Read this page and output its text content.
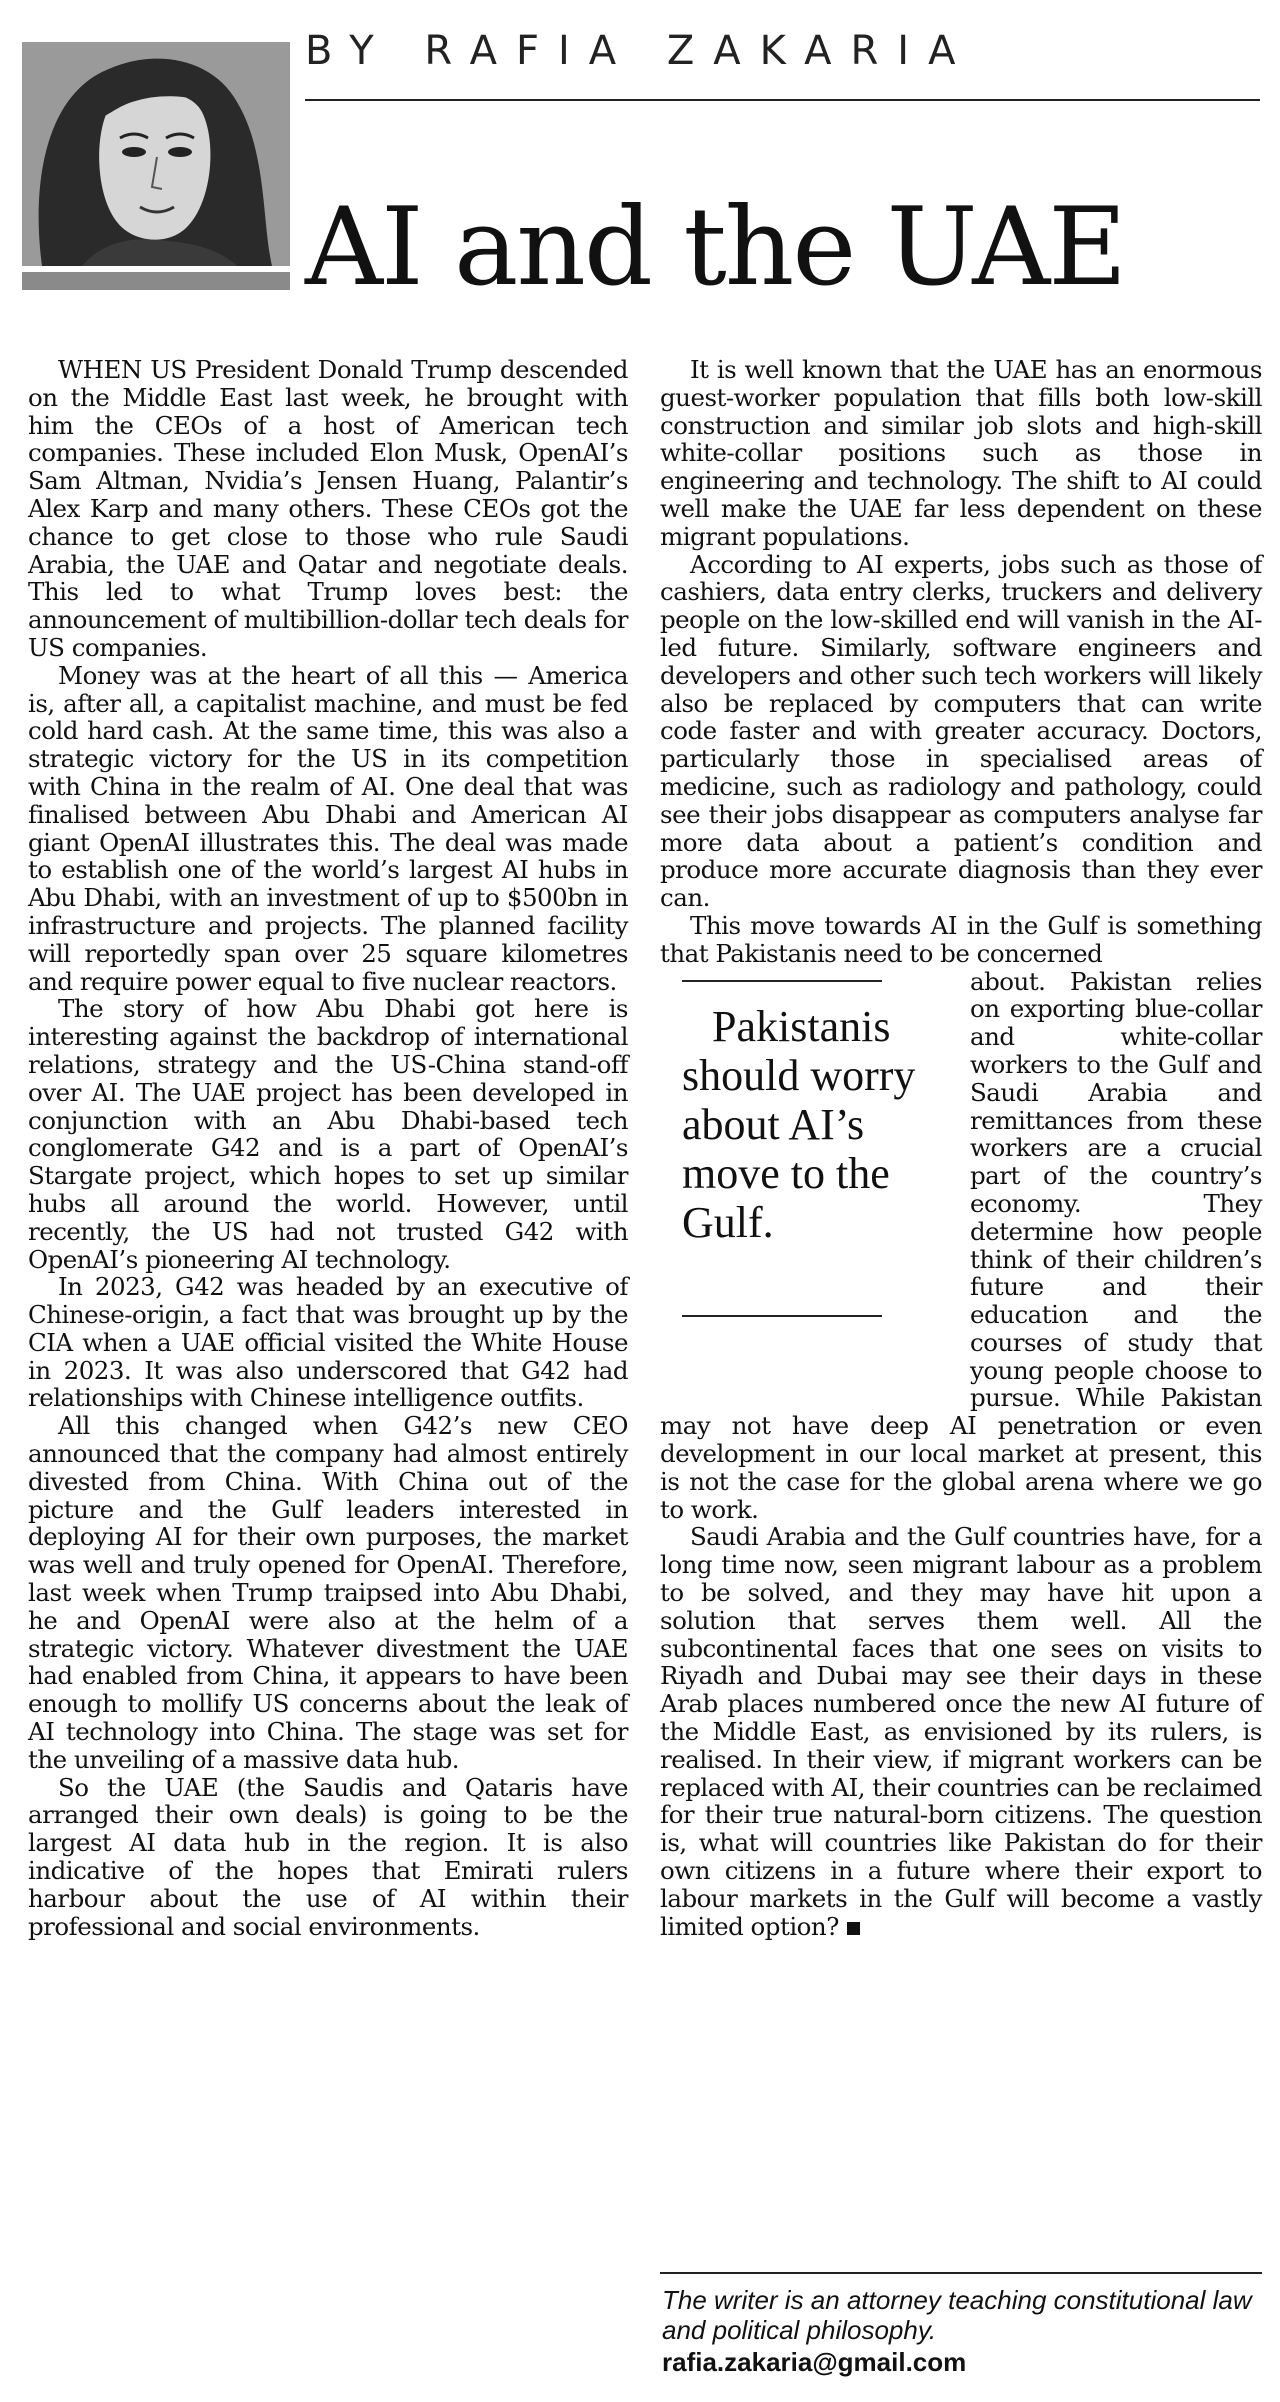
BY RAFIA ZAKARIA
AI and the UAE

WHEN US President Donald Trump descended on the Middle East last week, he brought with him the CEOs of a host of American tech companies. These included Elon Musk, OpenAI’s Sam Altman, Nvidia’s Jensen Huang, Palantir’s Alex Karp and many others. These CEOs got the chance to get close to those who rule Saudi Arabia, the UAE and Qatar and negotiate deals. This led to what Trump loves best: the announcement of multibillion-dollar tech deals for US companies.

Money was at the heart of all this — America is, after all, a capitalist machine, and must be fed cold hard cash. At the same time, this was also a strategic victory for the US in its competition with China in the realm of AI. One deal that was finalised between Abu Dhabi and American AI giant OpenAI illustrates this. The deal was made to establish one of the world’s largest AI hubs in Abu Dhabi, with an investment of up to $500bn in infrastructure and projects. The planned facility will reportedly span over 25 square kilometres and require power equal to five nuclear reactors.

The story of how Abu Dhabi got here is interesting against the backdrop of international relations, strategy and the US-China stand-off over AI. The UAE project has been developed in conjunction with an Abu Dhabi-based tech conglomerate G42 and is a part of OpenAI’s Stargate project, which hopes to set up similar hubs all around the world. However, until recently, the US had not trusted G42 with OpenAI’s pioneering AI technology.

In 2023, G42 was headed by an executive of Chinese-origin, a fact that was brought up by the CIA when a UAE official visited the White House in 2023. It was also underscored that G42 had relationships with Chinese intelligence outfits.

All this changed when G42’s new CEO announced that the company had almost entirely divested from China. With China out of the picture and the Gulf leaders interested in deploying AI for their own purposes, the market was well and truly opened for OpenAI. Therefore, last week when Trump traipsed into Abu Dhabi, he and OpenAI were also at the helm of a strategic victory. Whatever divestment the UAE had enabled from China, it appears to have been enough to mollify US concerns about the leak of AI technology into China. The stage was set for the unveiling of a massive data hub.

So the UAE (the Saudis and Qataris have arranged their own deals) is going to be the largest AI data hub in the region. It is also indicative of the hopes that Emirati rulers harbour about the use of AI within their professional and social environments.

It is well known that the UAE has an enormous guest-worker population that fills both low-skill construction and similar job slots and high-skill white-collar positions such as those in engineering and technology. The shift to AI could well make the UAE far less dependent on these migrant populations.

According to AI experts, jobs such as those of cashiers, data entry clerks, truckers and delivery people on the low-skilled end will vanish in the AI-led future. Similarly, software engineers and developers and other such tech workers will likely also be replaced by computers that can write code faster and with greater accuracy. Doctors, particularly those in specialised areas of medicine, such as radiology and pathology, could see their jobs disappear as computers analyse far more data about a patient’s condition and produce more accurate diagnosis than they ever can.

This move towards AI in the Gulf is something that Pakistanis need to be concerned

Pakistanis should worry about AI’s move to the Gulf.

about. Pakistan relies on exporting blue-collar and white-collar workers to the Gulf and Saudi Arabia and remittances from these workers are a crucial part of the country’s economy. They determine how people think of their children’s future and their education and the courses of study that young people choose to pursue. While Pakistan may not have deep AI penetration or even development in our local market at present, this is not the case for the global arena where we go to work.

Saudi Arabia and the Gulf countries have, for a long time now, seen migrant labour as a problem to be solved, and they may have hit upon a solution that serves them well. All the subcontinental faces that one sees on visits to Riyadh and Dubai may see their days in these Arab places numbered once the new AI future of the Middle East, as envisioned by its rulers, is realised. In their view, if migrant workers can be replaced with AI, their countries can be reclaimed for their true natural-born citizens. The question is, what will countries like Pakistan do for their own citizens in a future where their export to labour markets in the Gulf will become a vastly limited option?

The writer is an attorney teaching constitutional law and political philosophy.

rafia.zakaria@gmail.com
